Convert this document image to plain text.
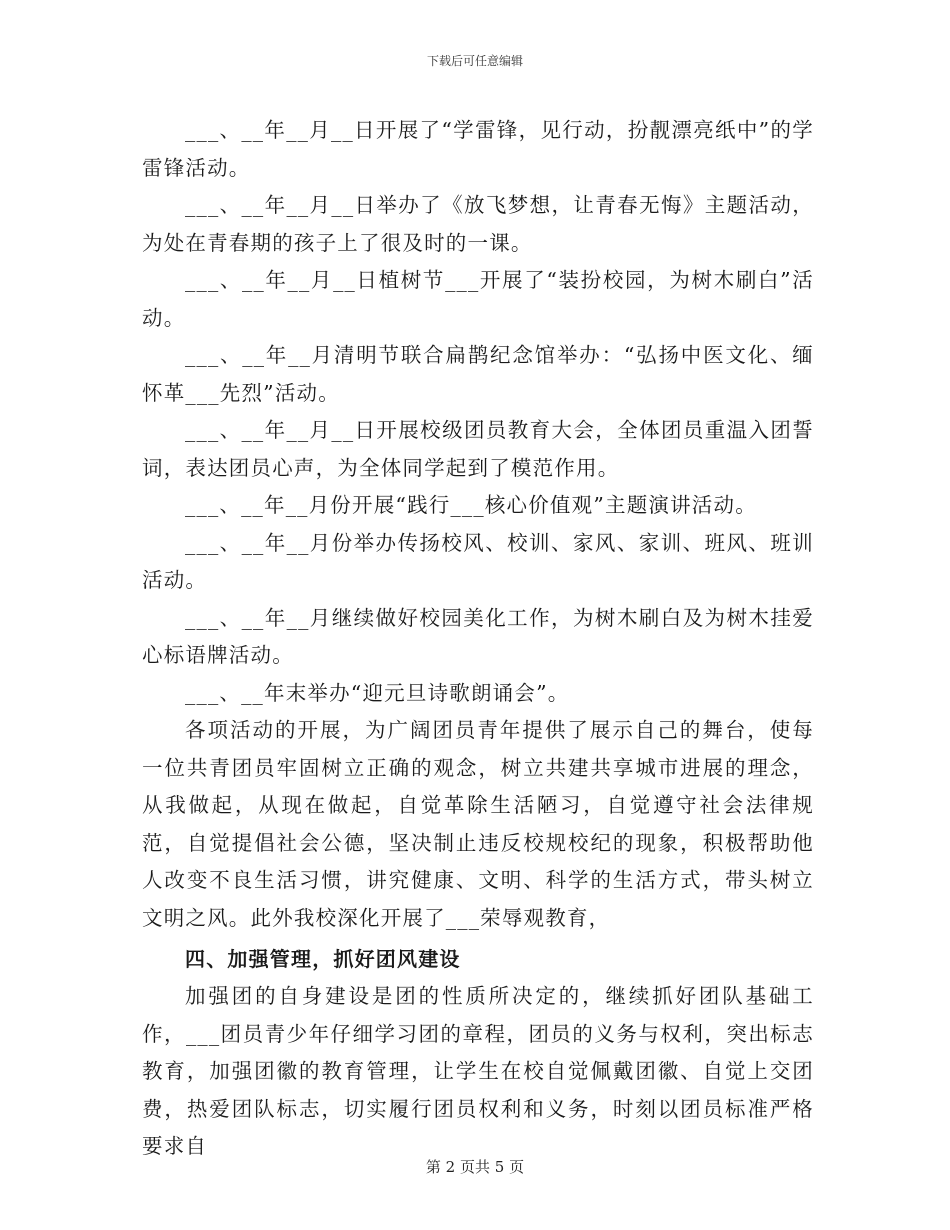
下载后可任意编辑

___、__年__月__日开展了“学雷锋，见行动，扮靓漂亮纸中”的学雷锋活动。

___、__年__月__日举办了《放飞梦想，让青春无悔》主题活动，为处在青春期的孩子上了很及时的一课。

___、__年__月__日植树节___开展了“装扮校园，为树木刷白”活动。

___、__年__月清明节联合扁鹊纪念馆举办：“弘扬中医文化、缅怀革___先烈”活动。

___、__年__月__日开展校级团员教育大会，全体团员重温入团誓词，表达团员心声，为全体同学起到了模范作用。

___、__年__月份开展“践行___核心价值观”主题演讲活动。

___、__年__月份举办传扬校风、校训、家风、家训、班风、班训活动。

___、__年__月继续做好校园美化工作，为树木刷白及为树木挂爱心标语牌活动。

___、__年末举办“迎元旦诗歌朗诵会”。

各项活动的开展，为广阔团员青年提供了展示自己的舞台，使每一位共青团员牢固树立正确的观念，树立共建共享城市进展的理念，从我做起，从现在做起，自觉革除生活陋习，自觉遵守社会法律规范，自觉提倡社会公德，坚决制止违反校规校纪的现象，积极帮助他人改变不良生活习惯，讲究健康、文明、科学的生活方式，带头树立文明之风。此外我校深化开展了___荣辱观教育，

四、加强管理，抓好团风建设

加强团的自身建设是团的性质所决定的，继续抓好团队基础工作，___团员青少年仔细学习团的章程，团员的义务与权利，突出标志教育，加强团徽的教育管理，让学生在校自觉佩戴团徽、自觉上交团费，热爱团队标志，切实履行团员权利和义务，时刻以团员标准严格要求自

第 2 页共 5 页
